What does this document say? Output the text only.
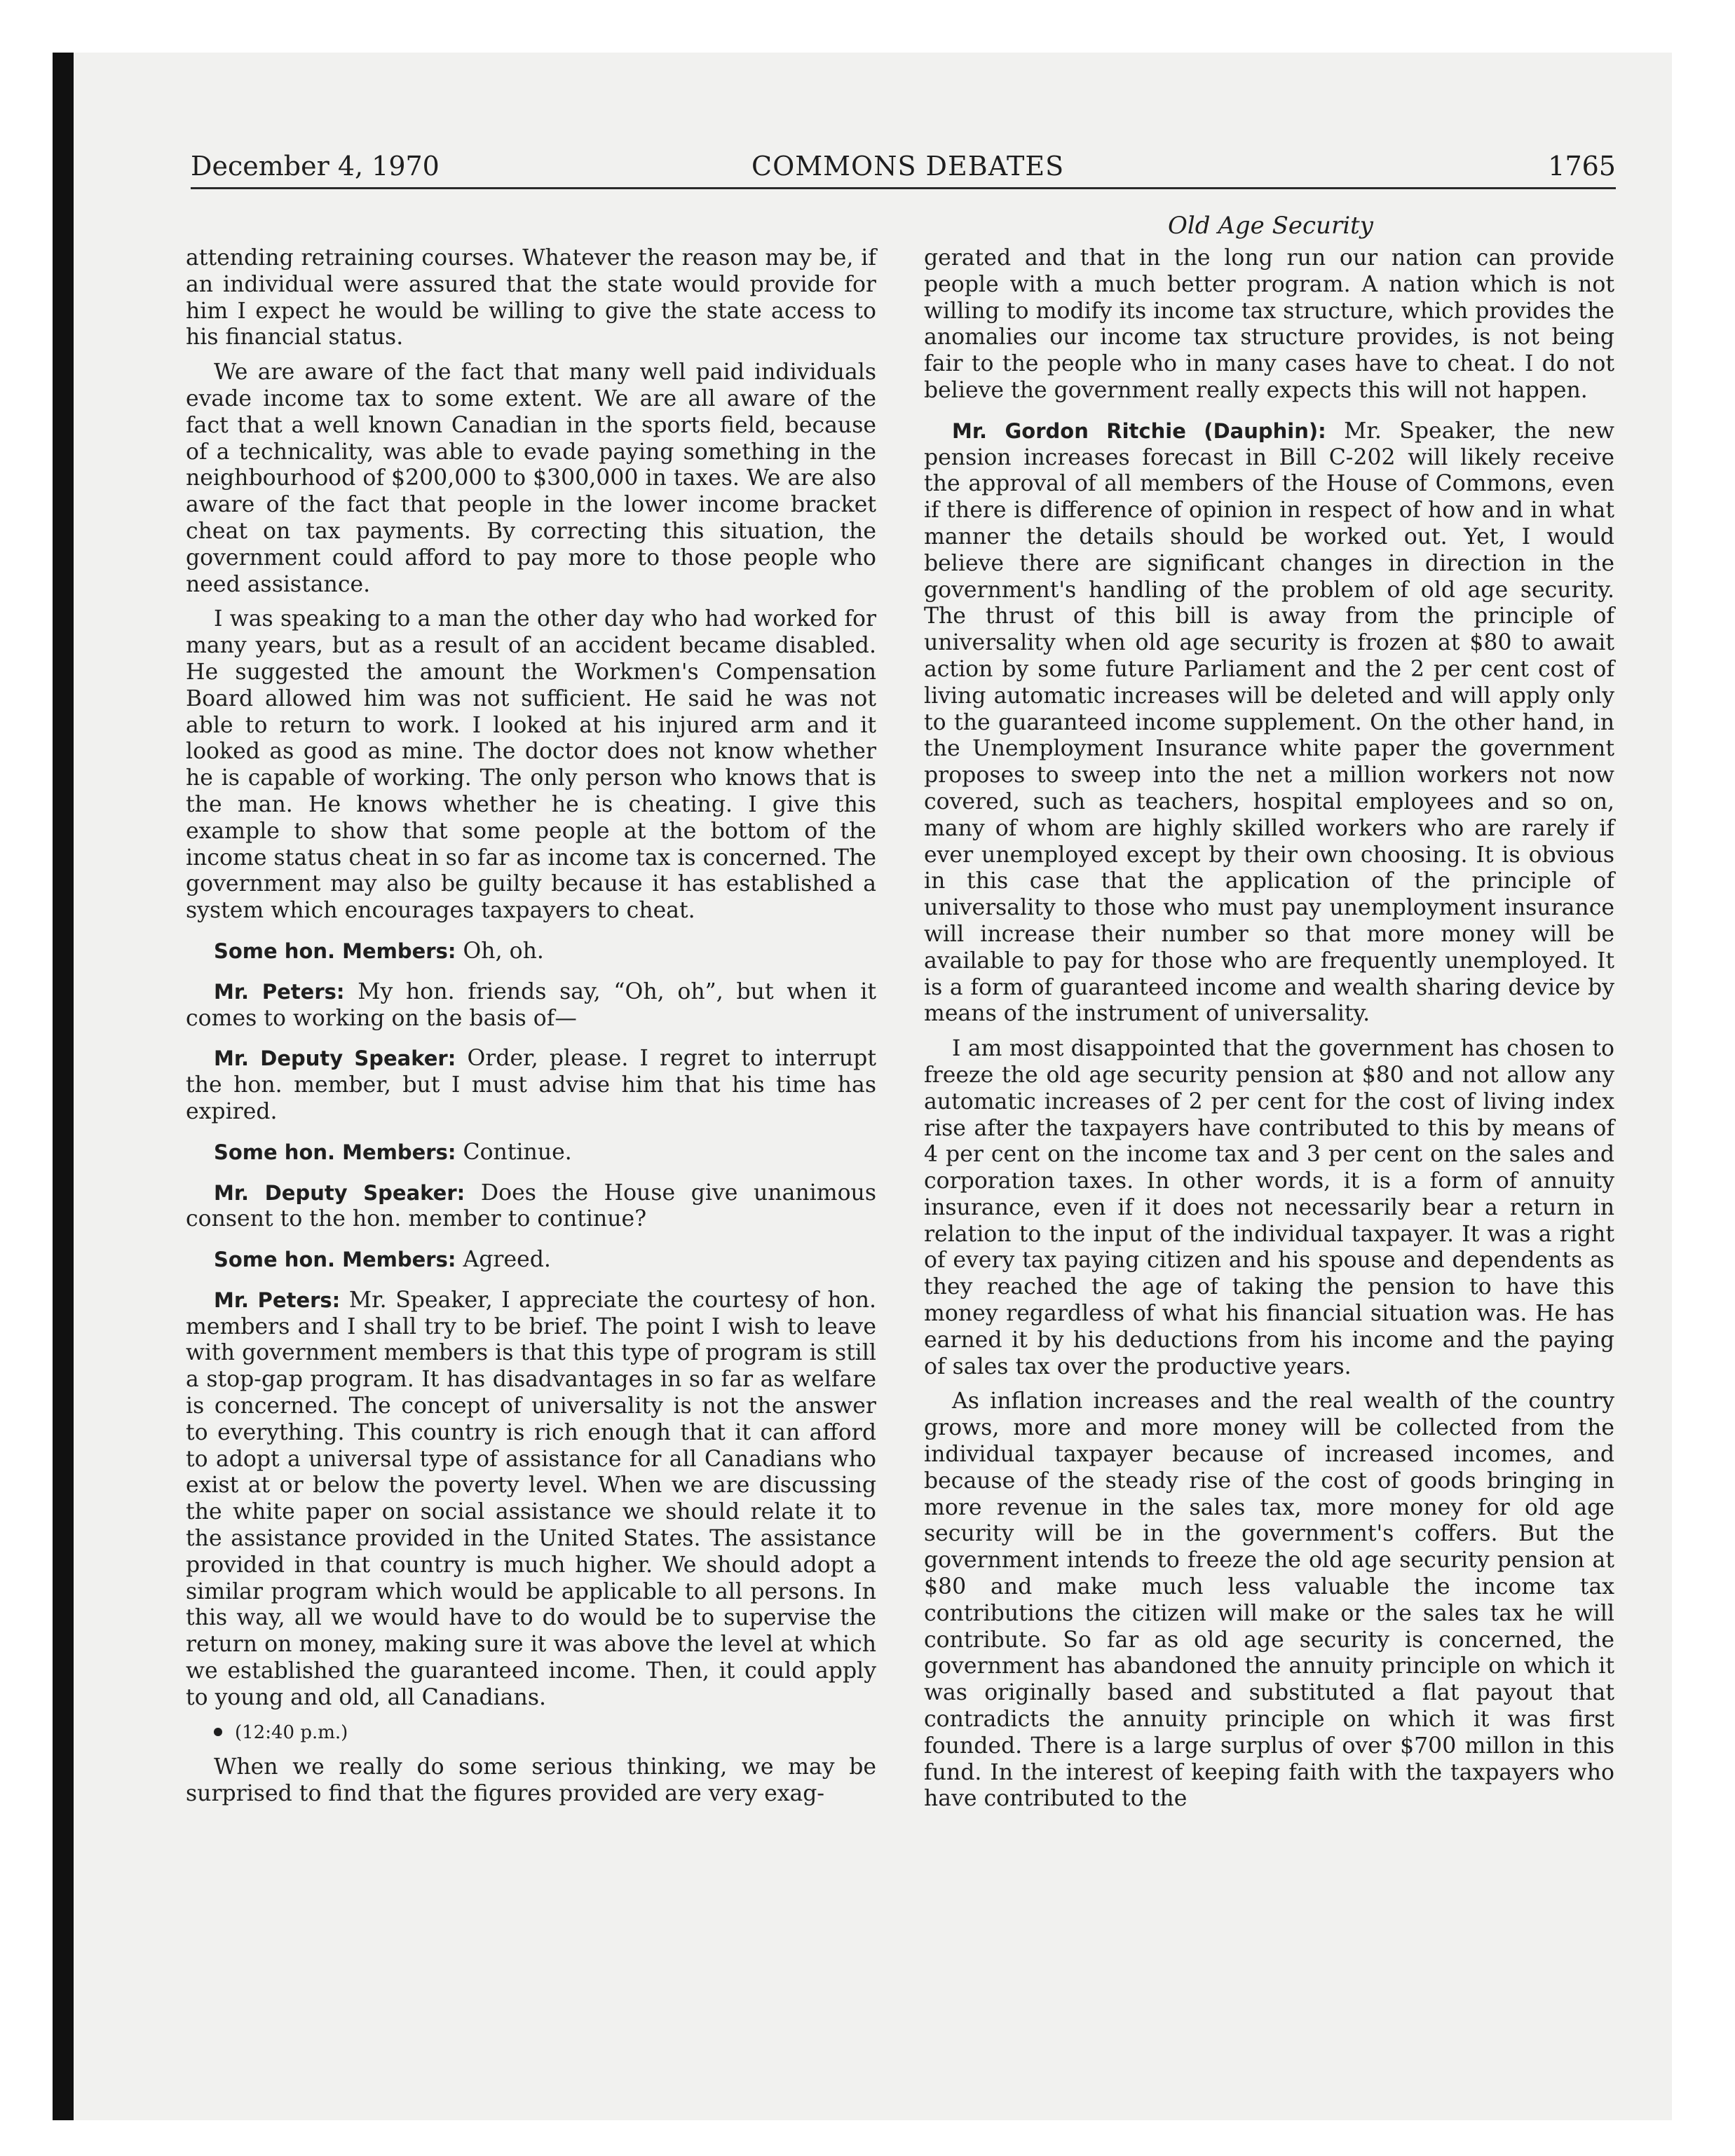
December 4, 1970	COMMONS DEBATES	1765
Old Age Security

attending retraining courses. Whatever the reason may be, if an individual were assured that the state would provide for him I expect he would be willing to give the state access to his financial status.

We are aware of the fact that many well paid individuals evade income tax to some extent. We are all aware of the fact that a well known Canadian in the sports field, because of a technicality, was able to evade paying something in the neighbourhood of $200,000 to $300,000 in taxes. We are also aware of the fact that people in the lower income bracket cheat on tax payments. By correcting this situation, the government could afford to pay more to those people who need assistance.

I was speaking to a man the other day who had worked for many years, but as a result of an accident became disabled. He suggested the amount the Workmen's Compensation Board allowed him was not sufficient. He said he was not able to return to work. I looked at his injured arm and it looked as good as mine. The doctor does not know whether he is capable of working. The only person who knows that is the man. He knows whether he is cheating. I give this example to show that some people at the bottom of the income status cheat in so far as income tax is concerned. The government may also be guilty because it has established a system which encourages taxpayers to cheat.

Some hon. Members: Oh, oh.

Mr. Peters: My hon. friends say, “Oh, oh”, but when it comes to working on the basis of—

Mr. Deputy Speaker: Order, please. I regret to interrupt the hon. member, but I must advise him that his time has expired.

Some hon. Members: Continue.

Mr. Deputy Speaker: Does the House give unanimous consent to the hon. member to continue?

Some hon. Members: Agreed.

Mr. Peters: Mr. Speaker, I appreciate the courtesy of hon. members and I shall try to be brief. The point I wish to leave with government members is that this type of program is still a stop-gap program. It has disadvantages in so far as welfare is concerned. The concept of universality is not the answer to everything. This country is rich enough that it can afford to adopt a universal type of assistance for all Canadians who exist at or below the poverty level. When we are discussing the white paper on social assistance we should relate it to the assistance provided in the United States. The assistance provided in that country is much higher. We should adopt a similar program which would be applicable to all persons. In this way, all we would have to do would be to supervise the return on money, making sure it was above the level at which we established the guaranteed income. Then, it could apply to young and old, all Canadians.

(12:40 p.m.)

When we really do some serious thinking, we may be surprised to find that the figures provided are very exag-

gerated and that in the long run our nation can provide people with a much better program. A nation which is not willing to modify its income tax structure, which provides the anomalies our income tax structure provides, is not being fair to the people who in many cases have to cheat. I do not believe the government really expects this will not happen.

Mr. Gordon Ritchie (Dauphin): Mr. Speaker, the new pension increases forecast in Bill C-202 will likely receive the approval of all members of the House of Commons, even if there is difference of opinion in respect of how and in what manner the details should be worked out. Yet, I would believe there are significant changes in direction in the government's handling of the problem of old age security. The thrust of this bill is away from the principle of universality when old age security is frozen at $80 to await action by some future Parliament and the 2 per cent cost of living automatic increases will be deleted and will apply only to the guaranteed income supplement. On the other hand, in the Unemployment Insurance white paper the government proposes to sweep into the net a million workers not now covered, such as teachers, hospital employees and so on, many of whom are highly skilled workers who are rarely if ever unemployed except by their own choosing. It is obvious in this case that the application of the principle of universality to those who must pay unemployment insurance will increase their number so that more money will be available to pay for those who are frequently unemployed. It is a form of guaranteed income and wealth sharing device by means of the instrument of universality.

I am most disappointed that the government has chosen to freeze the old age security pension at $80 and not allow any automatic increases of 2 per cent for the cost of living index rise after the taxpayers have contributed to this by means of 4 per cent on the income tax and 3 per cent on the sales and corporation taxes. In other words, it is a form of annuity insurance, even if it does not necessarily bear a return in relation to the input of the individual taxpayer. It was a right of every tax paying citizen and his spouse and dependents as they reached the age of taking the pension to have this money regardless of what his financial situation was. He has earned it by his deductions from his income and the paying of sales tax over the productive years.

As inflation increases and the real wealth of the country grows, more and more money will be collected from the individual taxpayer because of increased incomes, and because of the steady rise of the cost of goods bringing in more revenue in the sales tax, more money for old age security will be in the government's coffers. But the government intends to freeze the old age security pension at $80 and make much less valuable the income tax contributions the citizen will make or the sales tax he will contribute. So far as old age security is concerned, the government has abandoned the annuity principle on which it was originally based and substituted a flat payout that contradicts the annuity principle on which it was first founded. There is a large surplus of over $700 millon in this fund. In the interest of keeping faith with the taxpayers who have contributed to the
